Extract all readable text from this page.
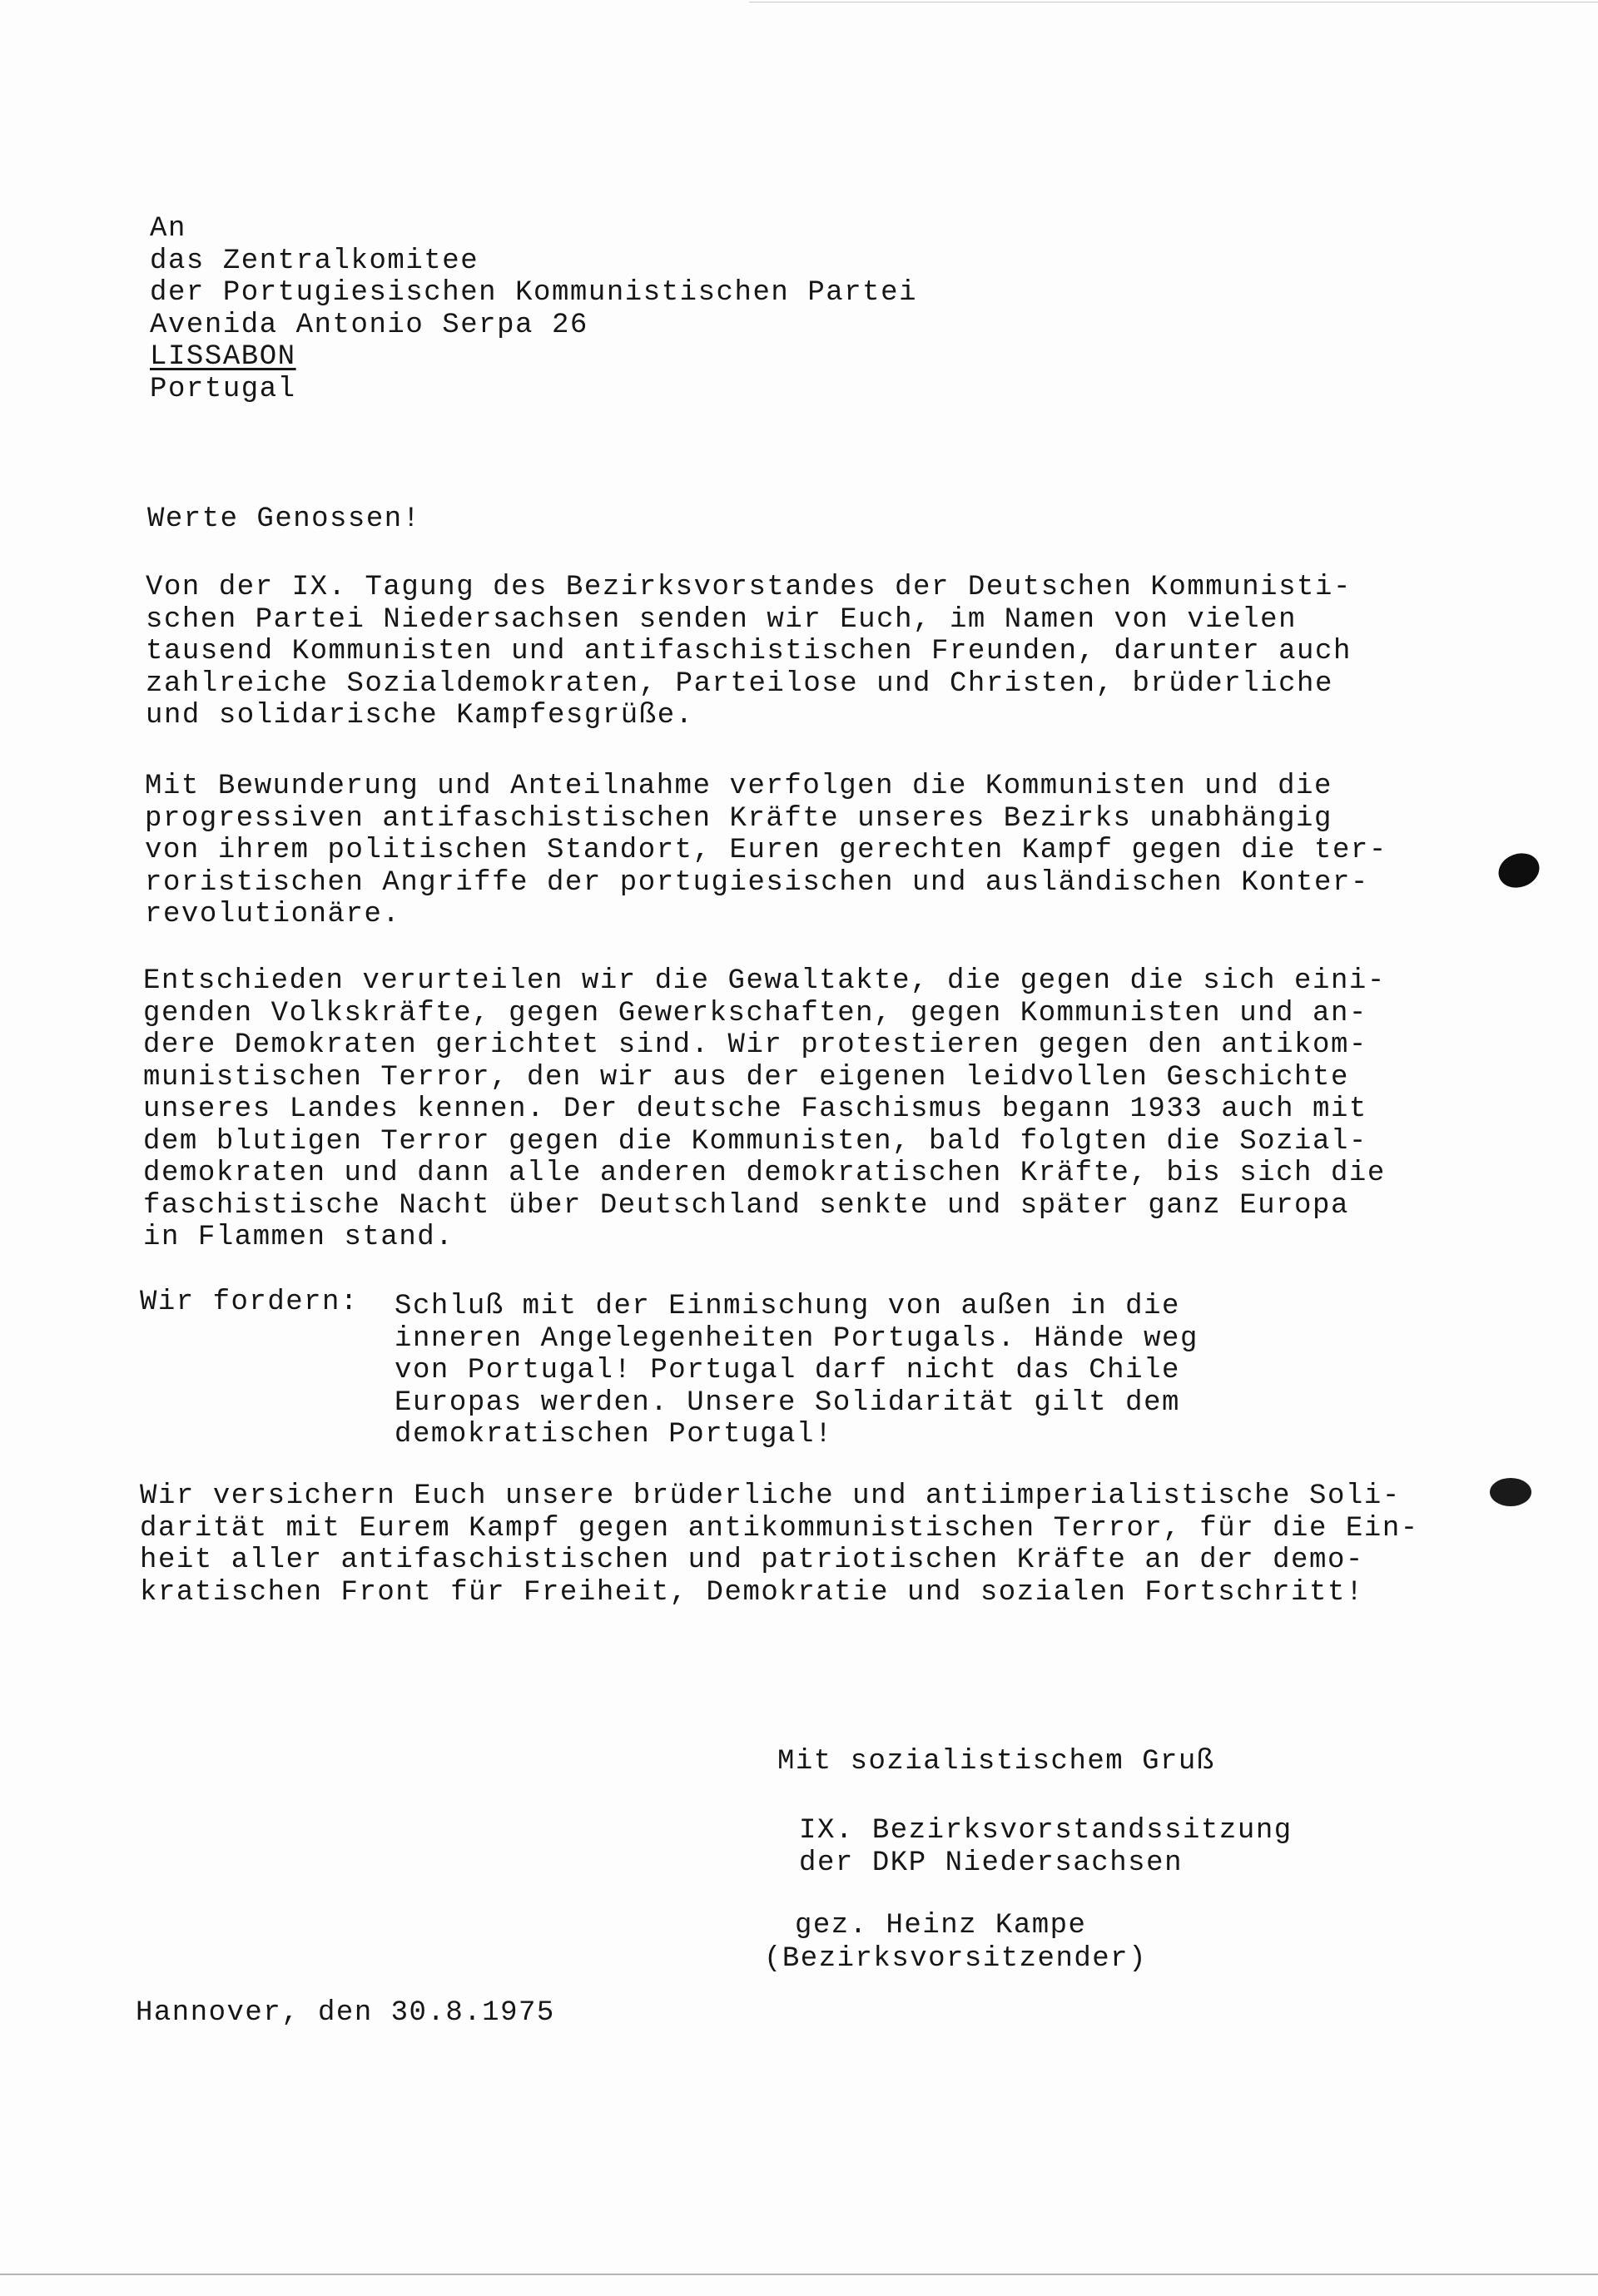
An
das Zentralkomitee
der Portugiesischen Kommunistischen Partei
Avenida Antonio Serpa 26
LISSABON
Portugal
Werte Genossen!
Von der IX. Tagung des Bezirksvorstandes der Deutschen Kommunisti-
schen Partei Niedersachsen senden wir Euch, im Namen von vielen
tausend Kommunisten und antifaschistischen Freunden, darunter auch
zahlreiche Sozialdemokraten, Parteilose und Christen, brüderliche
und solidarische Kampfesgrüße.
Mit Bewunderung und Anteilnahme verfolgen die Kommunisten und die
progressiven antifaschistischen Kräfte unseres Bezirks unabhängig
von ihrem politischen Standort, Euren gerechten Kampf gegen die ter-
roristischen Angriffe der portugiesischen und ausländischen Konter-
revolutionäre.
Entschieden verurteilen wir die Gewaltakte, die gegen die sich eini-
genden Volkskräfte, gegen Gewerkschaften, gegen Kommunisten und an-
dere Demokraten gerichtet sind. Wir protestieren gegen den antikom-
munistischen Terror, den wir aus der eigenen leidvollen Geschichte
unseres Landes kennen. Der deutsche Faschismus begann 1933 auch mit
dem blutigen Terror gegen die Kommunisten, bald folgten die Sozial-
demokraten und dann alle anderen demokratischen Kräfte, bis sich die
faschistische Nacht über Deutschland senkte und später ganz Europa
in Flammen stand.
Wir fordern: Schluß mit der Einmischung von außen in die
inneren Angelegenheiten Portugals. Hände weg
von Portugal! Portugal darf nicht das Chile
Europas werden. Unsere Solidarität gilt dem
demokratischen Portugal!
Wir versichern Euch unsere brüderliche und antiimperialistische Soli-
darität mit Eurem Kampf gegen antikommunistischen Terror, für die Ein-
heit aller antifaschistischen und patriotischen Kräfte an der demo-
kratischen Front für Freiheit, Demokratie und sozialen Fortschritt!
Mit sozialistischem Gruß
IX. Bezirksvorstandssitzung
der DKP Niedersachsen
gez. Heinz Kampe
(Bezirksvorsitzender)
Hannover, den 30.8.1975
